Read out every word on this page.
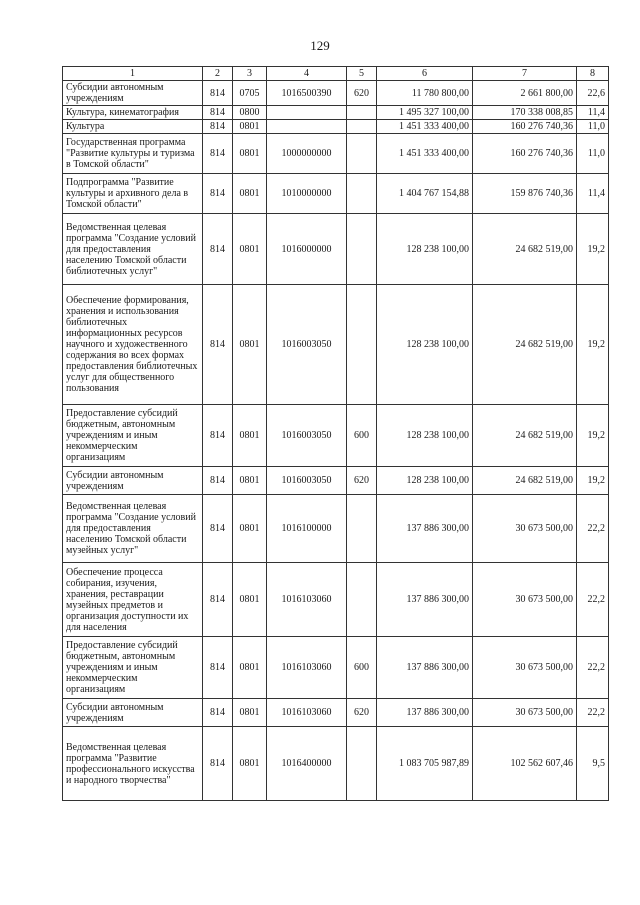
129
1	2	3	4	5	6	7	8
Субсидии автономным учреждениям	814	0705	1016500390	620	11 780 800,00	2 661 800,00	22,6
Культура, кинематография	814	0800			1 495 327 100,00	170 338 008,85	11,4
Культура	814	0801			1 451 333 400,00	160 276 740,36	11,0
Государственная программа "Развитие культуры и туризма в Томской области"	814	0801	1000000000		1 451 333 400,00	160 276 740,36	11,0
Подпрограмма "Развитие культуры и архивного дела в Томской области"	814	0801	1010000000		1 404 767 154,88	159 876 740,36	11,4
Ведомственная целевая программа "Создание условий для предоставления населению Томской области библиотечных услуг"	814	0801	1016000000		128 238 100,00	24 682 519,00	19,2
Обеспечение формирования, хранения и использования библиотечных информационных ресурсов научного и художественного содержания во всех формах предоставления библиотечных услуг для общественного пользования	814	0801	1016003050		128 238 100,00	24 682 519,00	19,2
Предоставление субсидий бюджетным, автономным учреждениям и иным некоммерческим организациям	814	0801	1016003050	600	128 238 100,00	24 682 519,00	19,2
Субсидии автономным учреждениям	814	0801	1016003050	620	128 238 100,00	24 682 519,00	19,2
Ведомственная целевая программа "Создание условий для предоставления населению Томской области музейных услуг"	814	0801	1016100000		137 886 300,00	30 673 500,00	22,2
Обеспечение процесса собирания, изучения, хранения, реставрации музейных предметов и организация доступности их для населения	814	0801	1016103060		137 886 300,00	30 673 500,00	22,2
Предоставление субсидий бюджетным, автономным учреждениям и иным некоммерческим организациям	814	0801	1016103060	600	137 886 300,00	30 673 500,00	22,2
Субсидии автономным учреждениям	814	0801	1016103060	620	137 886 300,00	30 673 500,00	22,2
Ведомственная целевая программа "Развитие профессионального искусства и народного творчества"	814	0801	1016400000		1 083 705 987,89	102 562 607,46	9,5
